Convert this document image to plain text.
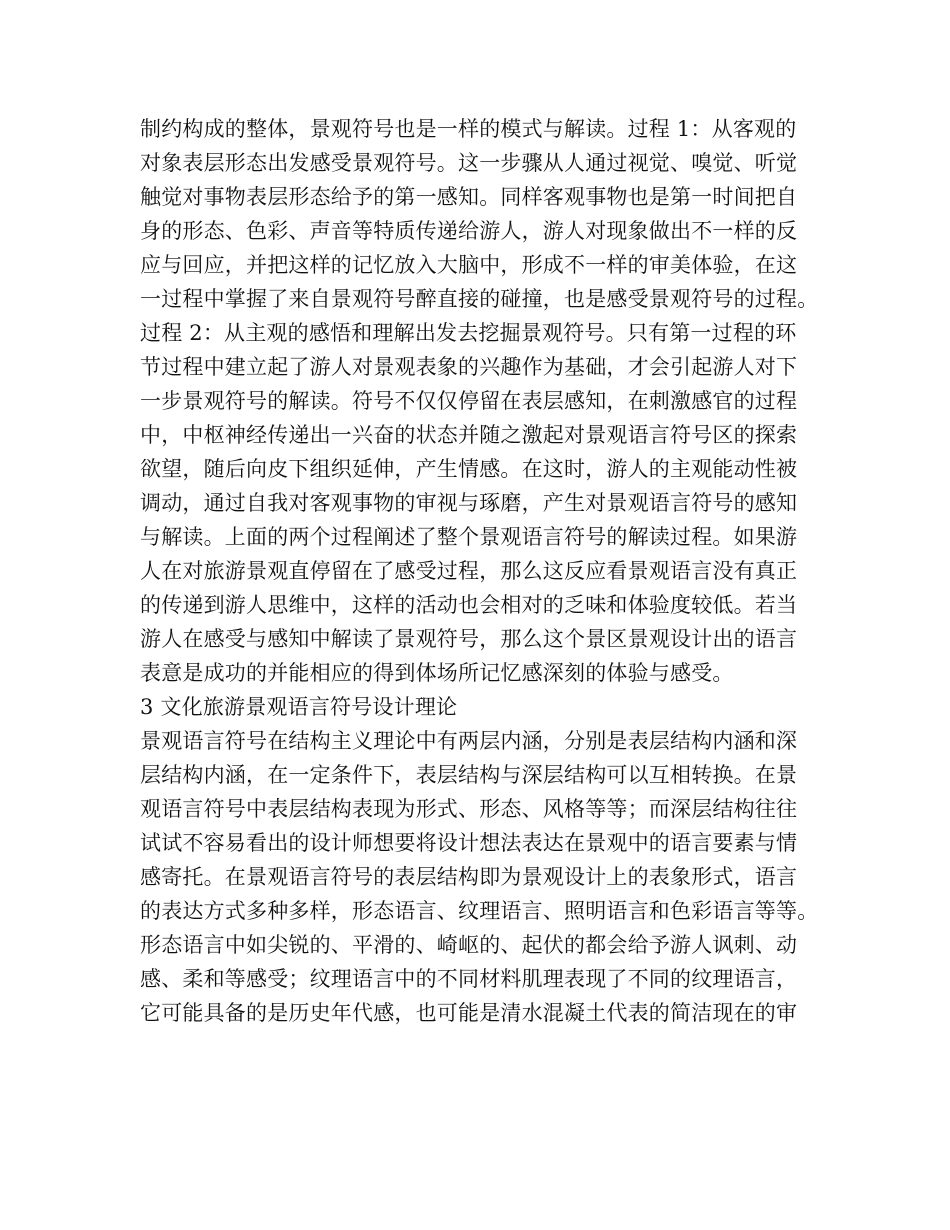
制约构成的整体，景观符号也是一样的模式与解读。过程 1：从客观的
对象表层形态出发感受景观符号。这一步骤从人通过视觉、嗅觉、听觉
触觉对事物表层形态给予的第一感知。同样客观事物也是第一时间把自
身的形态、色彩、声音等特质传递给游人，游人对现象做出不一样的反
应与回应，并把这样的记忆放入大脑中，形成不一样的审美体验，在这
一过程中掌握了来自景观符号醉直接的碰撞，也是感受景观符号的过程。
过程 2：从主观的感悟和理解出发去挖掘景观符号。只有第一过程的环
节过程中建立起了游人对景观表象的兴趣作为基础，才会引起游人对下
一步景观符号的解读。符号不仅仅停留在表层感知，在刺激感官的过程
中，中枢神经传递出一兴奋的状态并随之激起对景观语言符号区的探索
欲望，随后向皮下组织延伸，产生情感。在这时，游人的主观能动性被
调动，通过自我对客观事物的审视与琢磨，产生对景观语言符号的感知
与解读。上面的两个过程阐述了整个景观语言符号的解读过程。如果游
人在对旅游景观直停留在了感受过程，那么这反应看景观语言没有真正
的传递到游人思维中，这样的活动也会相对的乏味和体验度较低。若当
游人在感受与感知中解读了景观符号，那么这个景区景观设计出的语言
表意是成功的并能相应的得到体场所记忆感深刻的体验与感受。
3 文化旅游景观语言符号设计理论
景观语言符号在结构主义理论中有两层内涵，分别是表层结构内涵和深
层结构内涵，在一定条件下，表层结构与深层结构可以互相转换。在景
观语言符号中表层结构表现为形式、形态、风格等等；而深层结构往往
试试不容易看出的设计师想要将设计想法表达在景观中的语言要素与情
感寄托。在景观语言符号的表层结构即为景观设计上的表象形式，语言
的表达方式多种多样，形态语言、纹理语言、照明语言和色彩语言等等。
形态语言中如尖锐的、平滑的、崎岖的、起伏的都会给予游人讽刺、动
感、柔和等感受；纹理语言中的不同材料肌理表现了不同的纹理语言，
它可能具备的是历史年代感，也可能是清水混凝土代表的简洁现在的审
